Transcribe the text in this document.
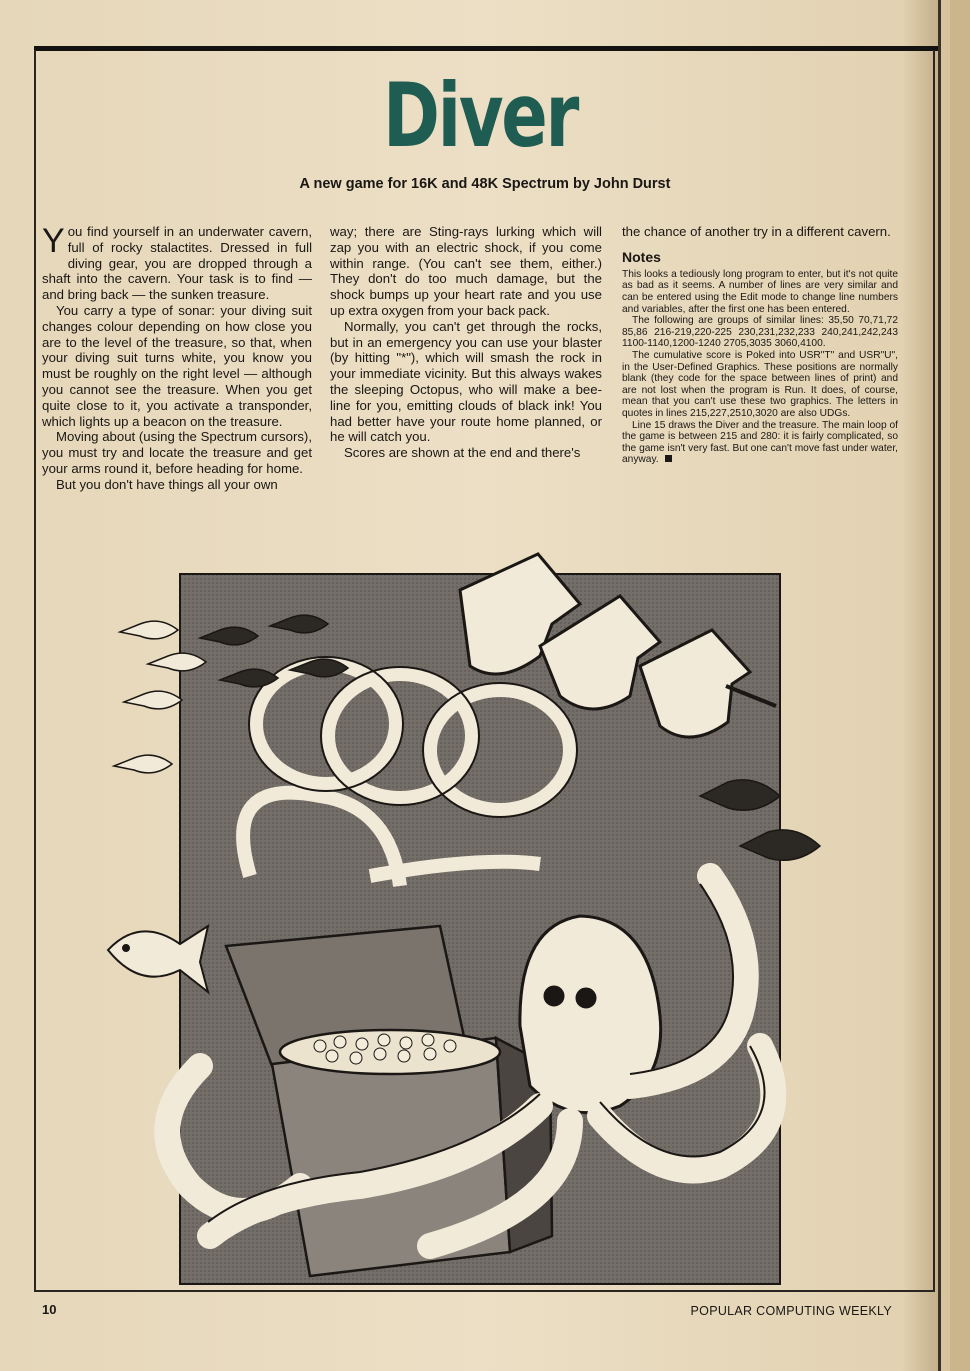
Diver
A new game for 16K and 48K Spectrum by John Durst

You find yourself in an underwater cavern, full of rocky stalactites. Dressed in full diving gear, you are dropped through a shaft into the cavern. Your task is to find — and bring back — the sunken treasure.

You carry a type of sonar: your diving suit changes colour depending on how close you are to the level of the treasure, so that, when your diving suit turns white, you know you must be roughly on the right level — although you cannot see the treasure. When you get quite close to it, you activate a transponder, which lights up a beacon on the treasure.

Moving about (using the Spectrum cursors), you must try and locate the treasure and get your arms round it, before heading for home.

But you don't have things all your own

way; there are Sting-rays lurking which will zap you with an electric shock, if you come within range. (You can't see them, either.) They don't do too much damage, but the shock bumps up your heart rate and you use up extra oxygen from your back pack.

Normally, you can't get through the rocks, but in an emergency you can use your blaster (by hitting "*"), which will smash the rock in your immediate vicinity. But this always wakes the sleeping Octopus, who will make a bee-line for you, emitting clouds of black ink! You had better have your route home planned, or he will catch you.

Scores are shown at the end and there's

the chance of another try in a different cavern.

Notes

This looks a tediously long program to enter, but it's not quite as bad as it seems. A number of lines are very similar and can be entered using the Edit mode to change line numbers and variables, after the first one has been entered.

The following are groups of similar lines: 35,50 70,71,72 85,86 216-219,220-225 230,231,232,233 240,241,242,243 1100-1140,1200-1240 2705,3035 3060,4100.

The cumulative score is Poked into USR"T" and USR"U", in the User-Defined Graphics. These positions are normally blank (they code for the space between lines of print) and are not lost when the program is Run. It does, of course, mean that you can't use these two graphics. The letters in quotes in lines 215,227,2510,3020 are also UDGs.

Line 15 draws the Diver and the treasure. The main loop of the game is between 215 and 280: it is fairly complicated, so the game isn't very fast. But one can't move fast under water, anyway.

10	POPULAR COMPUTING WEEKLY
